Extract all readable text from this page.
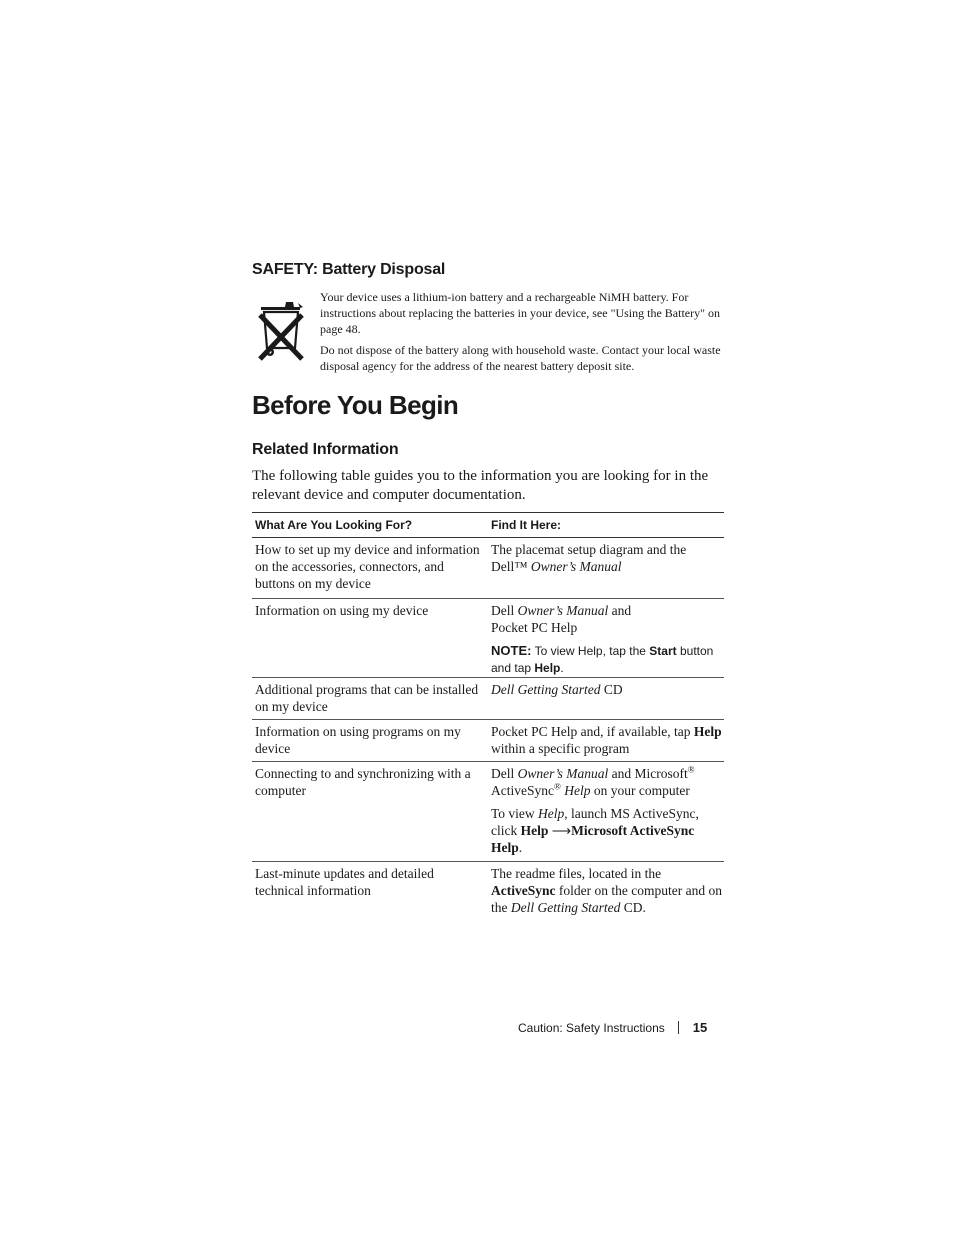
SAFETY: Battery Disposal
Your device uses a lithium-ion battery and a rechargeable NiMH battery. For instructions about replacing the batteries in your device, see "Using the Battery" on page 48.
Do not dispose of the battery along with household waste. Contact your local waste disposal agency for the address of the nearest battery deposit site.
Before You Begin
Related Information
The following table guides you to the information you are looking for in the relevant device and computer documentation.
What Are You Looking For?	Find It Here:
How to set up my device and information on the accessories, connectors, and buttons on my device

The placemat setup diagram and the Dell™ Owner’s Manual

Information on using my device	Dell Owner’s Manual and

Pocket PC Help

NOTE: To view Help, tap the Start button and tap Help.

Additional programs that can be installed on my device

Dell Getting Started CD

Information on using programs on my device

Pocket PC Help and, if available, tap Help within a specific program

Connecting to and synchronizing with a computer

Dell Owner’s Manual and Microsoft®
ActiveSync® Help on your computer

To view Help, launch MS ActiveSync, click Help ⟶Microsoft ActiveSync Help.

Last-minute updates and detailed technical information

The readme files, located in the ActiveSync folder on the computer and on the Dell Getting Started CD.

Caution: Safety Instructions 15
